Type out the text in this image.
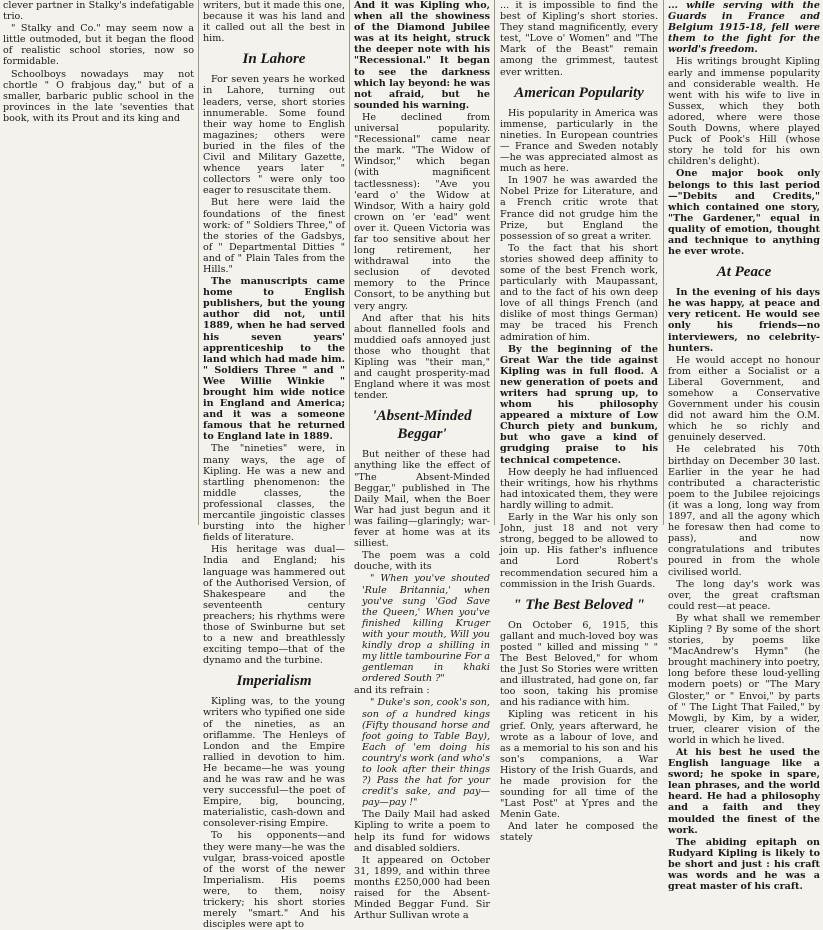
clever partner in Stalky's indefatigable trio.

" Stalky and Co." may seem now a little outmoded, but it began the flood of realistic school stories, now so formidable.

Schoolboys nowadays may not chortle " O frabjous day," but of a smaller, barbaric public school in the provinces in the late 'seventies that book, with its Prout and its king and

writers, but it made this one, because it was his land and it called out all the best in him.

In Lahore

For seven years he worked in Lahore, turning out leaders, verse, short stories innumerable. Some found their way home to English magazines; others were buried in the files of the Civil and Military Gazette, whence years later " collectors " were only too eager to resuscitate them.

But here were laid the foundations of the finest work: of " Soldiers Three," of the stories of the Gadsbys, of " Departmental Ditties " and of " Plain Tales from the Hills."

The manuscripts came home to English publishers, but the young author did not, until 1889, when he had served his seven years' apprenticeship to the land which had made him. " Soldiers Three " and " Wee Willie Winkie " brought him wide notice in England and America; and it was a someone famous that he returned to England late in 1889.

The "nineties" were, in many ways, the age of Kipling. He was a new and startling phenomenon: the middle classes, the professional classes, the mercantile jingoistic classes bursting into the higher fields of literature.

His heritage was dual—India and England; his language was hammered out of the Authorised Version, of Shakespeare and the seventeenth century preachers; his rhythms were those of Swinburne but set to a new and breathlessly exciting tempo—that of the dynamo and the turbine.

Imperialism

Kipling was, to the young writers who typified one side of the nineties, as an oriflamme. The Henleys of London and the Empire rallied in devotion to him. He became—he was young and he was raw and he was very successful—the poet of Empire, big, bouncing, materialistic, cash-down and consolever-rising Empire.

To his opponents—and they were many—he was the vulgar, brass-voiced apostle of the worst of the newer Imperialism. His poems were, to them, noisy trickery; his short stories merely "smart." And his disciples were apt to

And it was Kipling who, when all the showiness of the Diamond Jubilee was at its height, struck the deeper note with his "Recessional." It began to see the darkness which lay beyond: he was not afraid, but he sounded his warning.

He declined from universal popularity. "Recessional" came near the mark. "The Widow of Windsor," which began (with magnificent tactlessness): "Ave you 'eard o' the Widow at Windsor, With a hairy gold crown on 'er 'ead" went over it. Queen Victoria was far too sensitive about her long retirement, her withdrawal into the seclusion of devoted memory to the Prince Consort, to be anything but very angry.

And after that his hits about flannelled fools and muddied oafs annoyed just those who thought that Kipling was "their man," and caught prosperity-mad England where it was most tender.

'Absent-Minded Beggar'

But neither of these had anything like the effect of "The Absent-Minded Beggar," published in The Daily Mail, when the Boer War had just begun and it was failing—glaringly; war-fever at home was at its silliest.

The poem was a cold douche, with its

" When you've shouted 'Rule Britannia,' when you've sung 'God Save the Queen,' When you've finished killing Kruger with your mouth, Will you kindly drop a shilling in my little tambourine For a gentleman in khaki ordered South ?"

and its refrain :

" Duke's son, cook's son, son of a hundred kings (Fifty thousand horse and foot going to Table Bay), Each of 'em doing his country's work (and who's to look after their things ?) Pass the hat for your credit's sake, and pay—pay—pay !"

The Daily Mail had asked Kipling to write a poem to help its fund for widows and disabled soldiers.

It appeared on October 31, 1899, and within three months £250,000 had been raised for the Absent-Minded Beggar Fund. Sir Arthur Sullivan wrote a

... it is impossible to find the best of Kipling's short stories. They stand magnificently, every test, "Love o' Women" and "The Mark of the Beast" remain among the grimmest, tautest ever written.

American Popularity

His popularity in America was immense, particularly in the nineties. In European countries — France and Sweden notably—he was appreciated almost as much as here.

In 1907 he was awarded the Nobel Prize for Literature, and a French critic wrote that France did not grudge him the Prize, but England the possession of so great a writer.

To the fact that his short stories showed deep affinity to some of the best French work, particularly with Maupassant, and to the fact of his own deep love of all things French (and dislike of most things German) may be traced his French admiration of him.

By the beginning of the Great War the tide against Kipling was in full flood. A new generation of poets and writers had sprung up, to whom his philosophy appeared a mixture of Low Church piety and bunkum, but who gave a kind of grudging praise to his technical competence.

How deeply he had influenced their writings, how his rhythms had intoxicated them, they were hardly willing to admit.

Early in the War his only son John, just 18 and not very strong, begged to be allowed to join up. His father's influence and Lord Robert's recommendation secured him a commission in the Irish Guards.

" The Best Beloved "

On October 6, 1915, this gallant and much-loved boy was posted " killed and missing " " The Best Beloved," for whom the Just So Stories were written and illustrated, had gone on, far too soon, taking his promise and his radiance with him.

Kipling was reticent in his grief. Only, years afterward, he wrote as a labour of love, and as a memorial to his son and his son's companions, a War History of the Irish Guards, and he made provision for the sounding for all time of the "Last Post" at Ypres and the Menin Gate.

And later he composed the stately

... while serving with the Guards in France and Belgium 1915-18, fell were them to the fight for the world's freedom.

His writings brought Kipling early and immense popularity and considerable wealth. He went with his wife to live in Sussex, which they both adored, where were those South Downs, where played Puck of Pook's Hill (whose story he told for his own children's delight).

One major book only belongs to this last period—"Debits and Credits," which contained one story, "The Gardener," equal in quality of emotion, thought and technique to anything he ever wrote.

At Peace

In the evening of his days he was happy, at peace and very reticent. He would see only his friends—no interviewers, no celebrity-hunters.

He would accept no honour from either a Socialist or a Liberal Government, and somehow a Conservative Government under his cousin did not award him the O.M. which he so richly and genuinely deserved.

He celebrated his 70th birthday on December 30 last. Earlier in the year he had contributed a characteristic poem to the Jubilee rejoicings (it was a long, long way from 1897, and all the agony which he foresaw then had come to pass), and now congratulations and tributes poured in from the whole civilised world.

The long day's work was over, the great craftsman could rest—at peace.

By what shall we remember Kipling ? By some of the short stories, by poems like "MacAndrew's Hymn" (he brought machinery into poetry, long before these loud-yelling modern poets) or "The Mary Gloster," or " Envoi," by parts of " The Light That Failed," by Mowgli, by Kim, by a wider, truer, clearer vision of the world in which he lived.

At his best he used the English language like a sword; he spoke in spare, lean phrases, and the world heard. He had a philosophy and a faith and they moulded the finest of the work.

The abiding epitaph on Rudyard Kipling is likely to be short and just : his craft was words and he was a great master of his craft.
